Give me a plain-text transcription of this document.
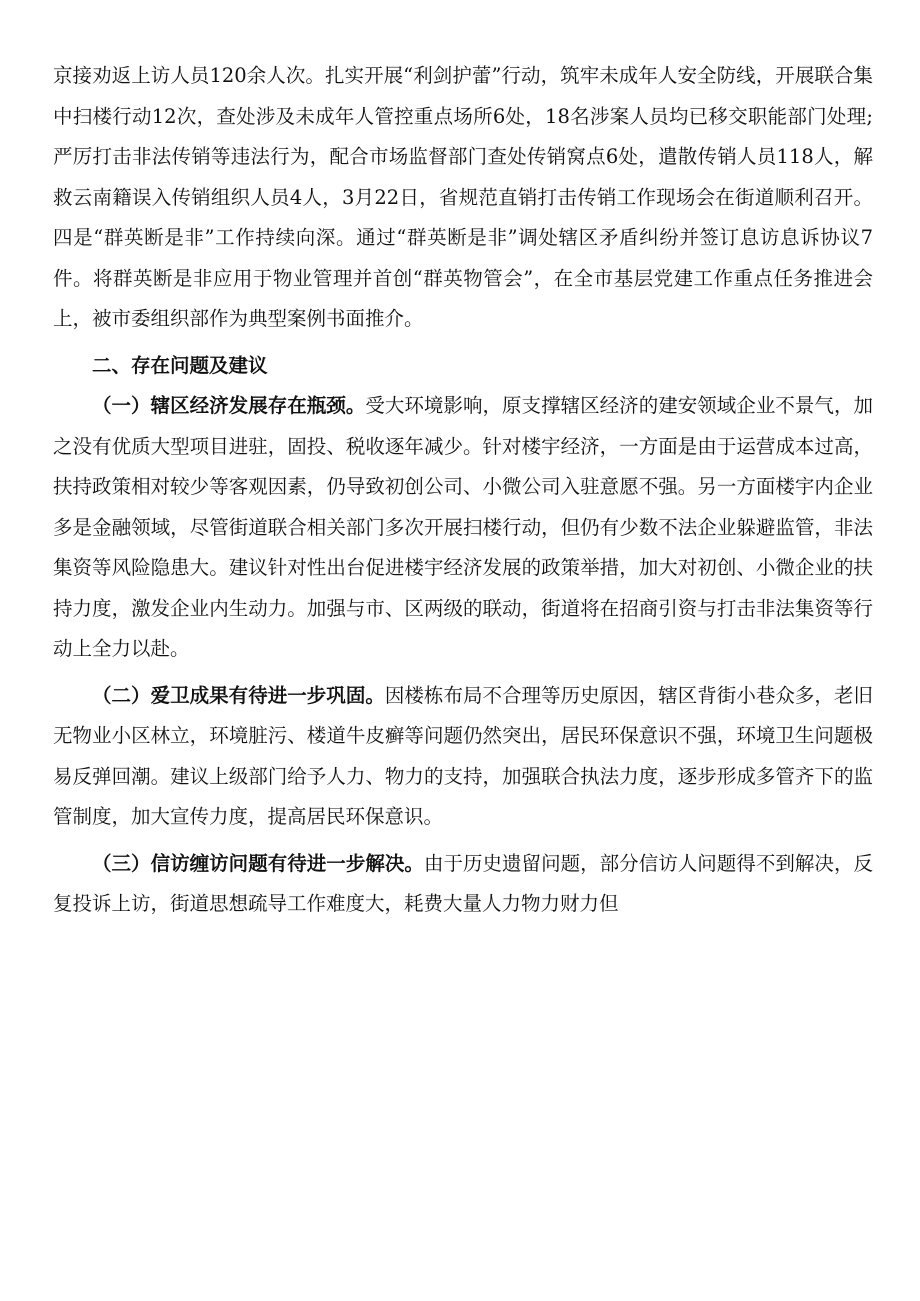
京接劝返上访人员120余人次。扎实开展“利剑护蕾”行动，筑牢未成年人安全防线，开展联合集中扫楼行动12次，查处涉及未成年人管控重点场所6处，18名涉案人员均已移交职能部门处理;严厉打击非法传销等违法行为，配合市场监督部门查处传销窝点6处，遣散传销人员118人，解救云南籍误入传销组织人员4人，3月22日，省规范直销打击传销工作现场会在街道顺利召开。四是“群英断是非”工作持续向深。通过“群英断是非”调处辖区矛盾纠纷并签订息访息诉协议7件。将群英断是非应用于物业管理并首创“群英物管会”，在全市基层党建工作重点任务推进会上，被市委组织部作为典型案例书面推介。

二、存在问题及建议

（一）辖区经济发展存在瓶颈。受大环境影响，原支撑辖区经济的建安领域企业不景气，加之没有优质大型项目进驻，固投、税收逐年减少。针对楼宇经济，一方面是由于运营成本过高，扶持政策相对较少等客观因素，仍导致初创公司、小微公司入驻意愿不强。另一方面楼宇内企业多是金融领域，尽管街道联合相关部门多次开展扫楼行动，但仍有少数不法企业躲避监管，非法集资等风险隐患大。建议针对性出台促进楼宇经济发展的政策举措，加大对初创、小微企业的扶持力度，激发企业内生动力。加强与市、区两级的联动，街道将在招商引资与打击非法集资等行动上全力以赴。

（二）爱卫成果有待进一步巩固。因楼栋布局不合理等历史原因，辖区背街小巷众多，老旧无物业小区林立，环境脏污、楼道牛皮癣等问题仍然突出，居民环保意识不强，环境卫生问题极易反弹回潮。建议上级部门给予人力、物力的支持，加强联合执法力度，逐步形成多管齐下的监管制度，加大宣传力度，提高居民环保意识。

（三）信访缠访问题有待进一步解决。由于历史遗留问题，部分信访人问题得不到解决，反复投诉上访，街道思想疏导工作难度大，耗费大量人力物力财力但
